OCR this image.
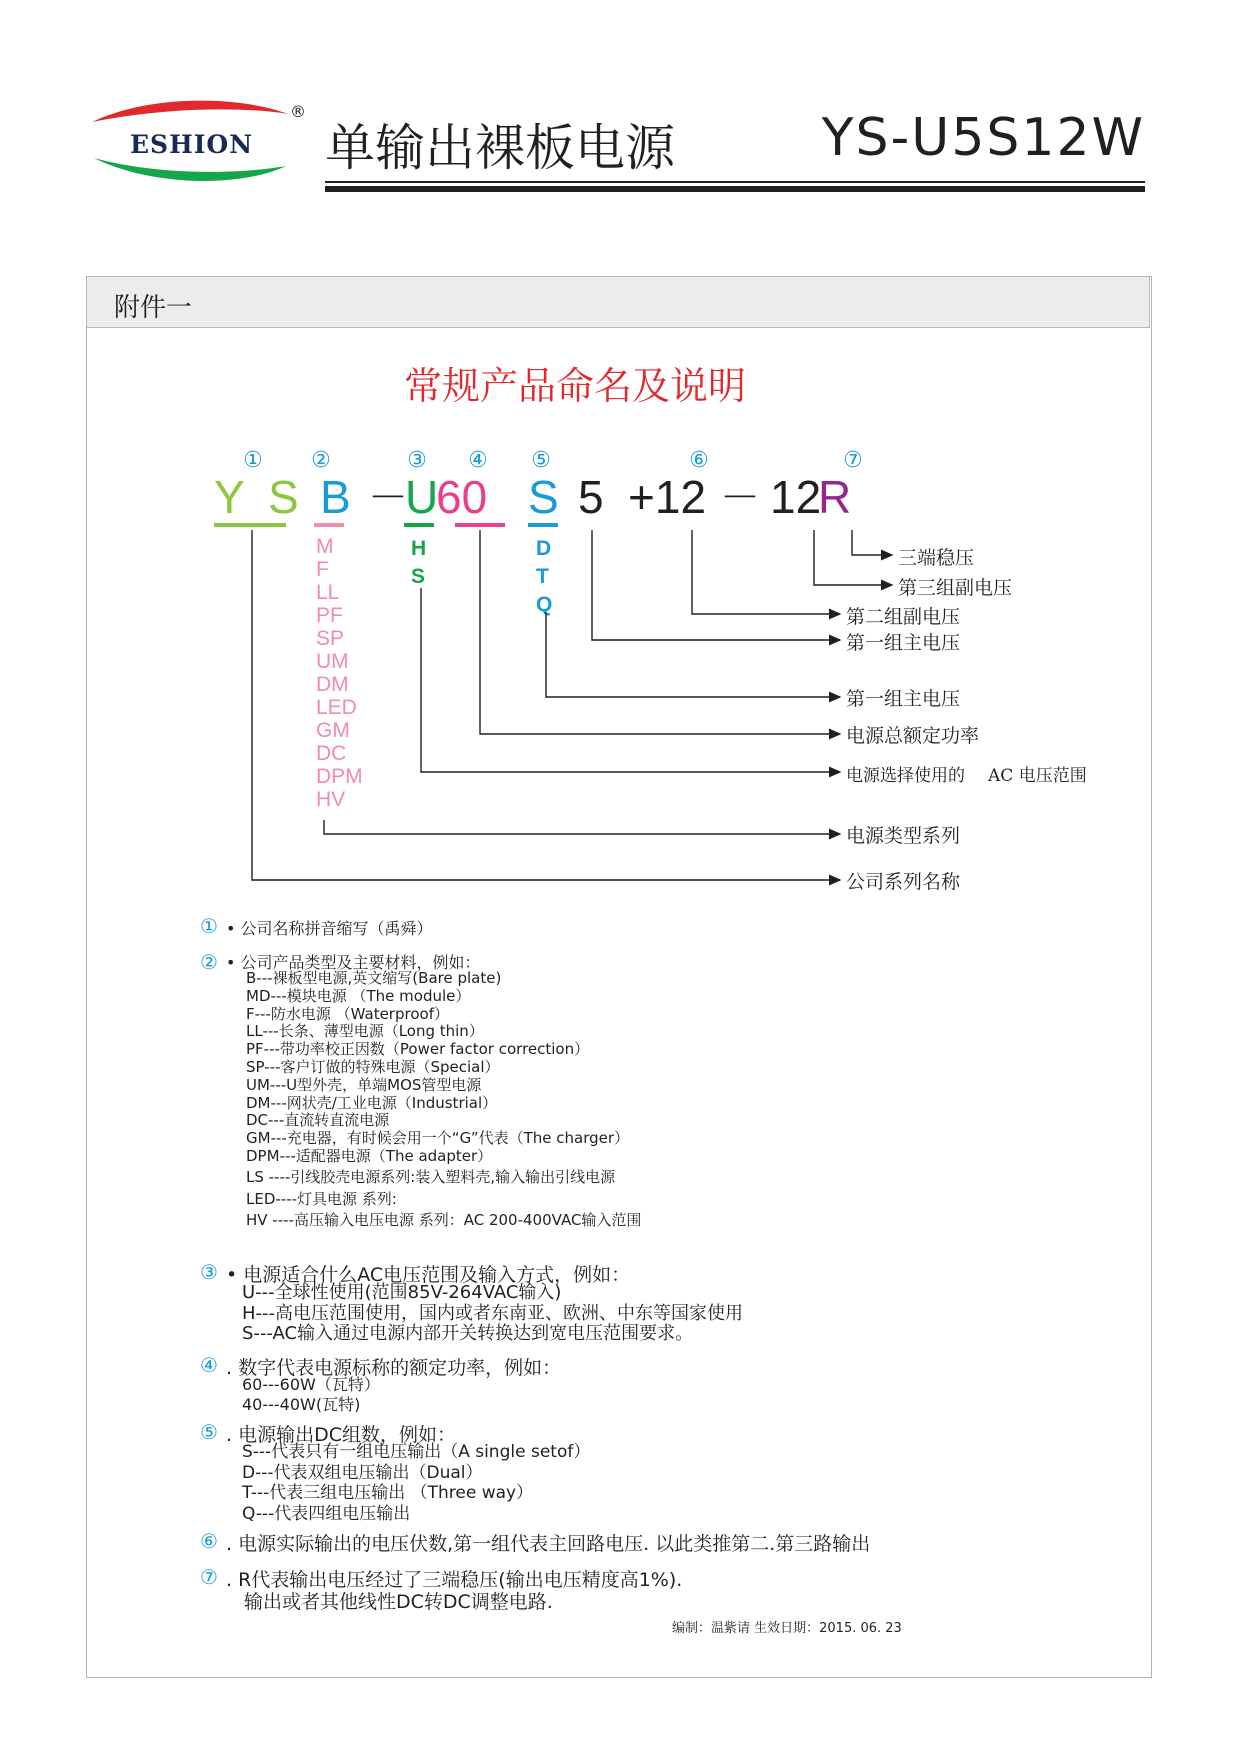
®
ESHION 单输出裸板电源	YS-U5S12W
附件一
常规产品命名及说明
① ②	③ ④ ⑤	⑥	⑦
Y S B －
U
60 S 5 +12 － 12
R
M
F
LL
PF
SP
UM
DM
LED
GM
DC
DPM
HV
H
S
D
T
Q
三端稳压
第三组副电压
第二组副电压
第一组主电压
第一组主电压
电源总额定功率
电源选择使用的 AC 电压范围
电源类型系列
公司系列名称
① • 公司名称拼音缩写（禹舜）
② • 公司产品类型及主要材料，例如：
B---裸板型电源,英文缩写(Bare plate)
MD---模块电源 （The module）
F---防水电源 （Waterproof）
LL---长条、薄型电源（Long thin）
PF---带功率校正因数（Power factor correction）
SP---客户订做的特殊电源（Special）
UM---U型外壳，单端MOS管型电源
DM---网状壳/工业电源（Industrial）
DC---直流转直流电源
GM---充电器，有时候会用一个“G”代表（The charger）
DPM---适配器电源（The adapter）
LS ----引线胶壳电源系列:装入塑料壳,输入输出引线电源
LED----灯具电源 系列:
HV ----高压输入电压电源 系列：AC 200-400VAC输入范围
③ • 电源适合什么AC电压范围及输入方式，例如：
U---全球性使用(范围85V-264VAC输入)
H---高电压范围使用，国内或者东南亚、欧洲、中东等国家使用
S---AC输入通过电源内部开关转换达到宽电压范围要求。
④ . 数字代表电源标称的额定功率，例如：
60---60W（瓦特）
40---40W(瓦特)
⑤ . 电源输出DC组数，例如：
S---代表只有一组电压输出（A single setof）
D---代表双组电压输出（Dual）
T---代表三组电压输出 （Three way）
Q---代表四组电压输出
⑥ . 电源实际输出的电压伏数,第一组代表主回路电压. 以此类推第二.第三路输出
⑦ . R代表输出电压经过了三端稳压(输出电压精度高1%).
输出或者其他线性DC转DC调整电路.
编制：温紫请 生效日期：2015. 06. 23
